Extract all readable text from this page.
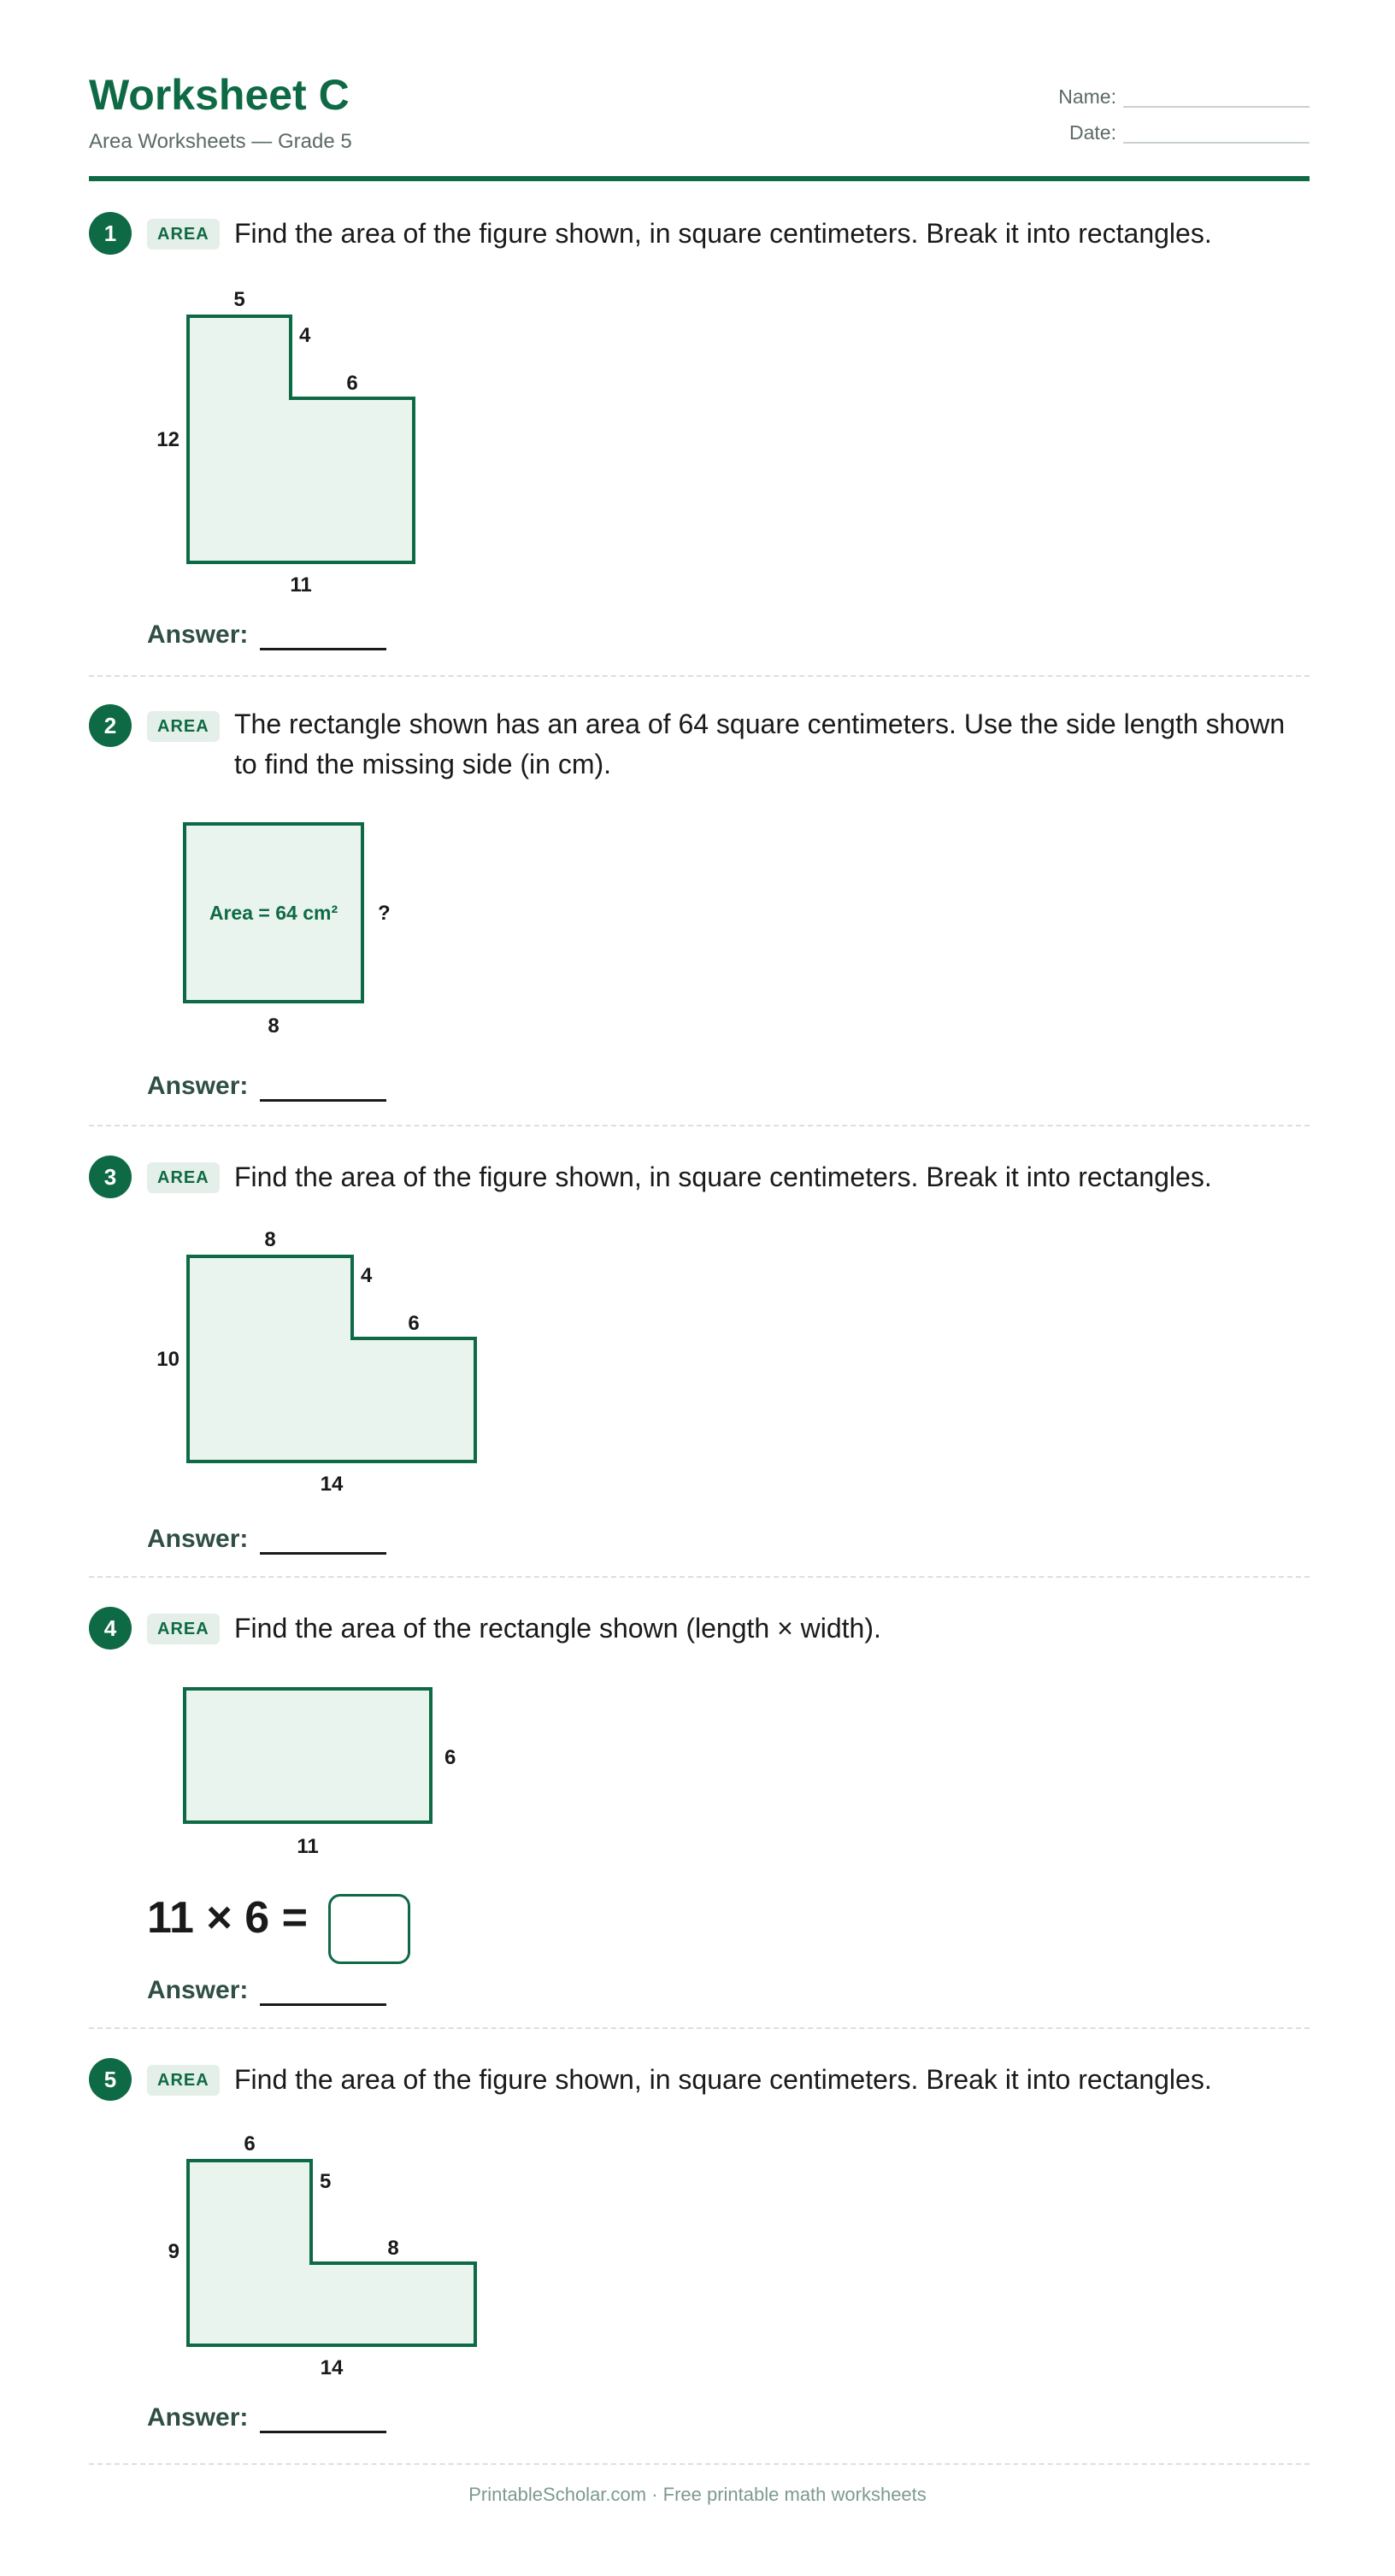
Worksheet C
Area Worksheets — Grade 5
Name:
Date:
1	AREA Find the area of the figure shown, in square centimeters. Break it into rectangles.
5
4
6
12
11
Answer:
2	AREA The rectangle shown has an area of 64 square centimeters. Use the side length shown to find the missing side (in cm).
Area = 64 cm² ?
8
Answer:
3	AREA Find the area of the figure shown, in square centimeters. Break it into rectangles.
8
4
6
10
14
Answer:
4	AREA Find the area of the rectangle shown (length × width).
6
11
11 × 6 =
Answer:
5	AREA Find the area of the figure shown, in square centimeters. Break it into rectangles.
6
5
8
9
14
Answer:
PrintableScholar.com · Free printable math worksheets
